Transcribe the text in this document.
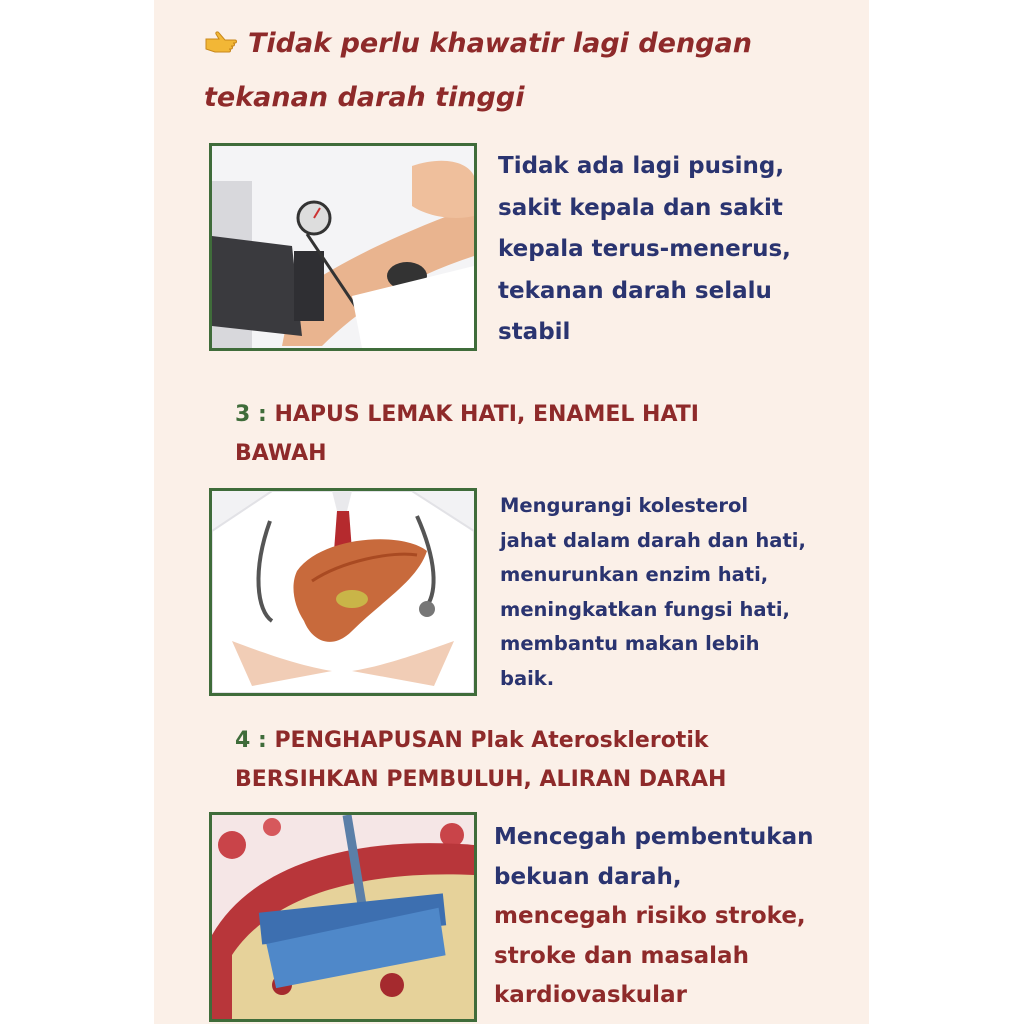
Tidak perlu khawatir lagi dengan tekanan darah tinggi

Tidak ada lagi pusing, sakit kepala dan sakit kepala terus-menerus, tekanan darah selalu stabil

3 : HAPUS LEMAK HATI, ENAMEL HATI BAWAH

Mengurangi kolesterol jahat dalam darah dan hati, menurunkan enzim hati, meningkatkan fungsi hati, membantu makan lebih baik.

4 : PENGHAPUSAN Plak Aterosklerotik BERSIHKAN PEMBULUH, ALIRAN DARAH

Mencegah pembentukan bekuan darah, mencegah risiko stroke, stroke dan masalah kardiovaskular
